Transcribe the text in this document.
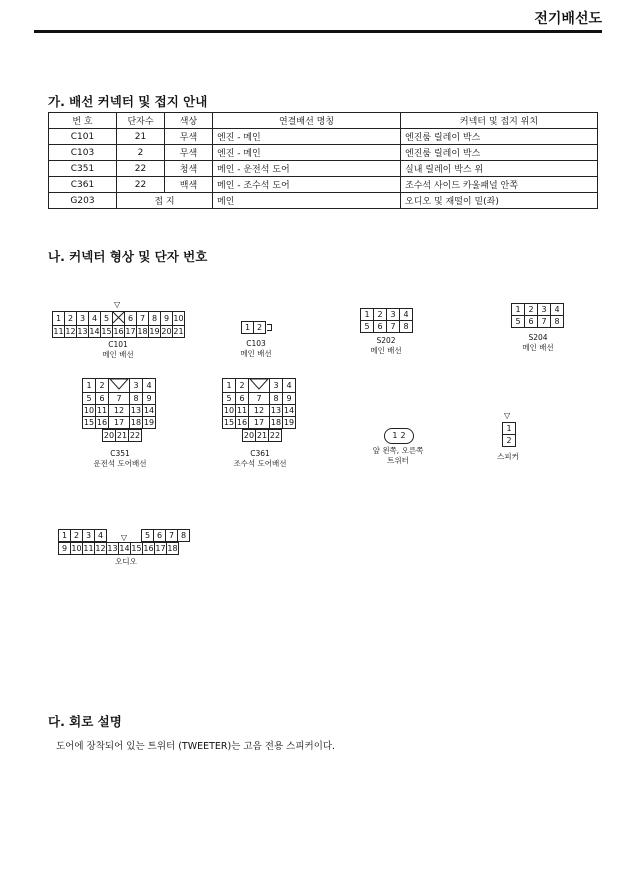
전기배선도
가. 배선 커넥터 및 접지 안내
번 호	단자수	색상	연결배선 명칭	커넥터 및 접지 위치
C101	21	무색	엔진 - 메인	엔진룸 릴레이 박스
C103	2	무색	엔진 - 메인	엔진룸 릴레이 박스
C351	22	청색	메인 - 운전석 도어	실내 릴레이 박스 위
C361	22	백색	메인 - 조수석 도어	조수석 사이드 카울패널 안쪽
G203	접 지		메인	오디오 및 재떨이 밑(좌)
나. 커넥터 형상 및 단자 번호
▽
1	2	3	4	5		6	7	8	9	10
11	12	13	14	15	16	17	18	19	20	21
C101
메인 배선
1	2
C103
메인 배선
1	2	3	4
5	6	7	8
S202
메인 배선
1	2	3	4
5	6	7	8
S204
메인 배선
1	2		3	4
5	6	7	8	9
10	11	12	13	14
15	16	17	18	19
20	21	22
C351
운전석 도어배선
1	2		3	4
5	6	7	8	9
10	11	12	13	14
15	16	17	18	19
20	21	22
C361
조수석 도어배선
1 2
앞 왼쪽, 오른쪽
트위터
▽
1
2
스피커
1	2	3	4	▽	5	6	7	8
9	10	11	12	13	14	15	16	17	18
오디오
다. 회로 설명
도어에 장착되어 있는 트위터 (TWEETER)는 고음 전용 스피커이다.
